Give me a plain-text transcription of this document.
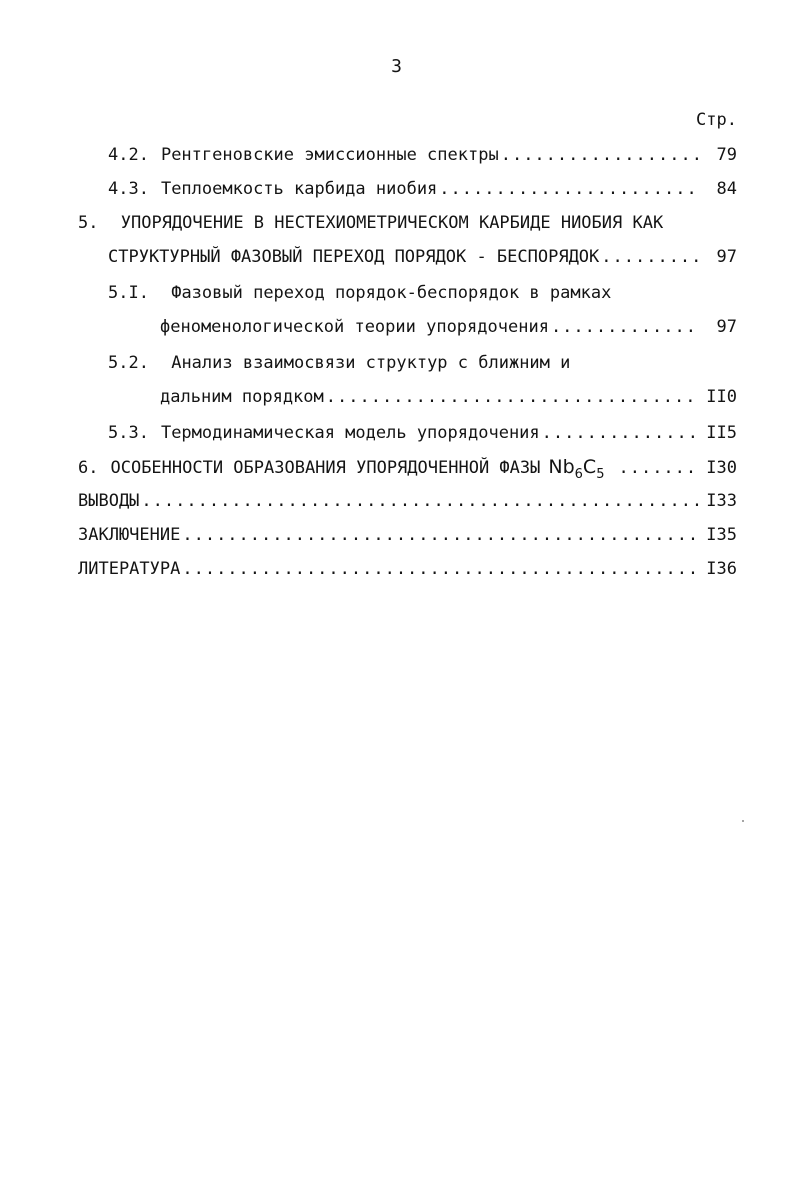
3
Стр.
4.2. Рентгеновские эмиссионные спектры .....	79
4.3. Теплоемкость карбида ниобия .....	84
5. УПОРЯДОЧЕНИЕ В НЕСТЕХИОМЕТРИЧЕСКОМ КАРБИДЕ НИОБИЯ КАК
СТРУКТУРНЫЙ ФАЗОВЫЙ ПЕРЕХОД ПОРЯДОК - БЕСПОРЯДОК .....	97
5.I. Фазовый переход порядок-беспорядок в рамках
феноменологической теории упорядочения .....	97
5.2. Анализ взаимосвязи структур с ближним и
дальним порядком .....	II0
5.3. Термодинамическая модель упорядочения .....	II5
6. ОСОБЕННОСТИ ОБРАЗОВАНИЯ УПОРЯДОЧЕННОЙ ФАЗЫ $Nb_6C_5$ .....	I30
ВЫВОДЫ .....	I33
ЗАКЛЮЧЕНИЕ .....	I35
ЛИТЕРАТУРА .....	I36
